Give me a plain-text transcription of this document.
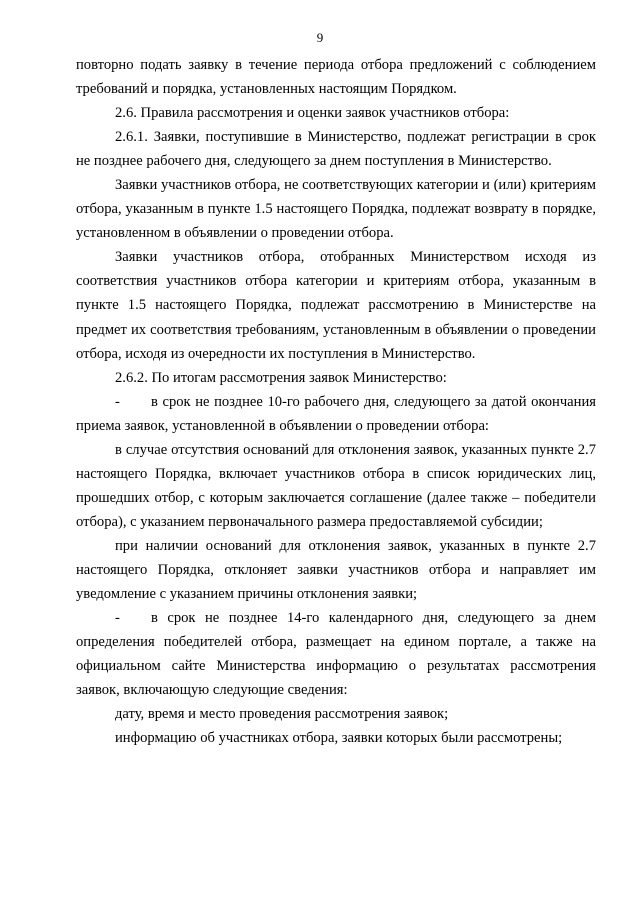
9

повторно подать заявку в течение периода отбора предложений с соблюдением требований и порядка, установленных настоящим Порядком.

2.6. Правила рассмотрения и оценки заявок участников отбора:

2.6.1. Заявки, поступившие в Министерство, подлежат регистрации в срок не позднее рабочего дня, следующего за днем поступления в Министерство.

Заявки участников отбора, не соответствующих категории и (или) критериям отбора, указанным в пункте 1.5 настоящего Порядка, подлежат возврату в порядке, установленном в объявлении о проведении отбора.

Заявки участников отбора, отобранных Министерством исходя из соответствия участников отбора категории и критериям отбора, указанным в пункте 1.5 настоящего Порядка, подлежат рассмотрению в Министерстве на предмет их соответствия требованиям, установленным в объявлении о проведении отбора, исходя из очередности их поступления в Министерство.

2.6.2. По итогам рассмотрения заявок Министерство:

- в срок не позднее 10-го рабочего дня, следующего за датой окончания приема заявок, установленной в объявлении о проведении отбора:

в случае отсутствия оснований для отклонения заявок, указанных пункте 2.7 настоящего Порядка, включает участников отбора в список юридических лиц, прошедших отбор, с которым заключается соглашение (далее также – победители отбора), с указанием первоначального размера предоставляемой субсидии;

при наличии оснований для отклонения заявок, указанных в пункте 2.7 настоящего Порядка, отклоняет заявки участников отбора и направляет им уведомление с указанием причины отклонения заявки;

- в срок не позднее 14-го календарного дня, следующего за днем определения победителей отбора, размещает на едином портале, а также на официальном сайте Министерства информацию о результатах рассмотрения заявок, включающую следующие сведения:

дату, время и место проведения рассмотрения заявок;

информацию об участниках отбора, заявки которых были рассмотрены;
